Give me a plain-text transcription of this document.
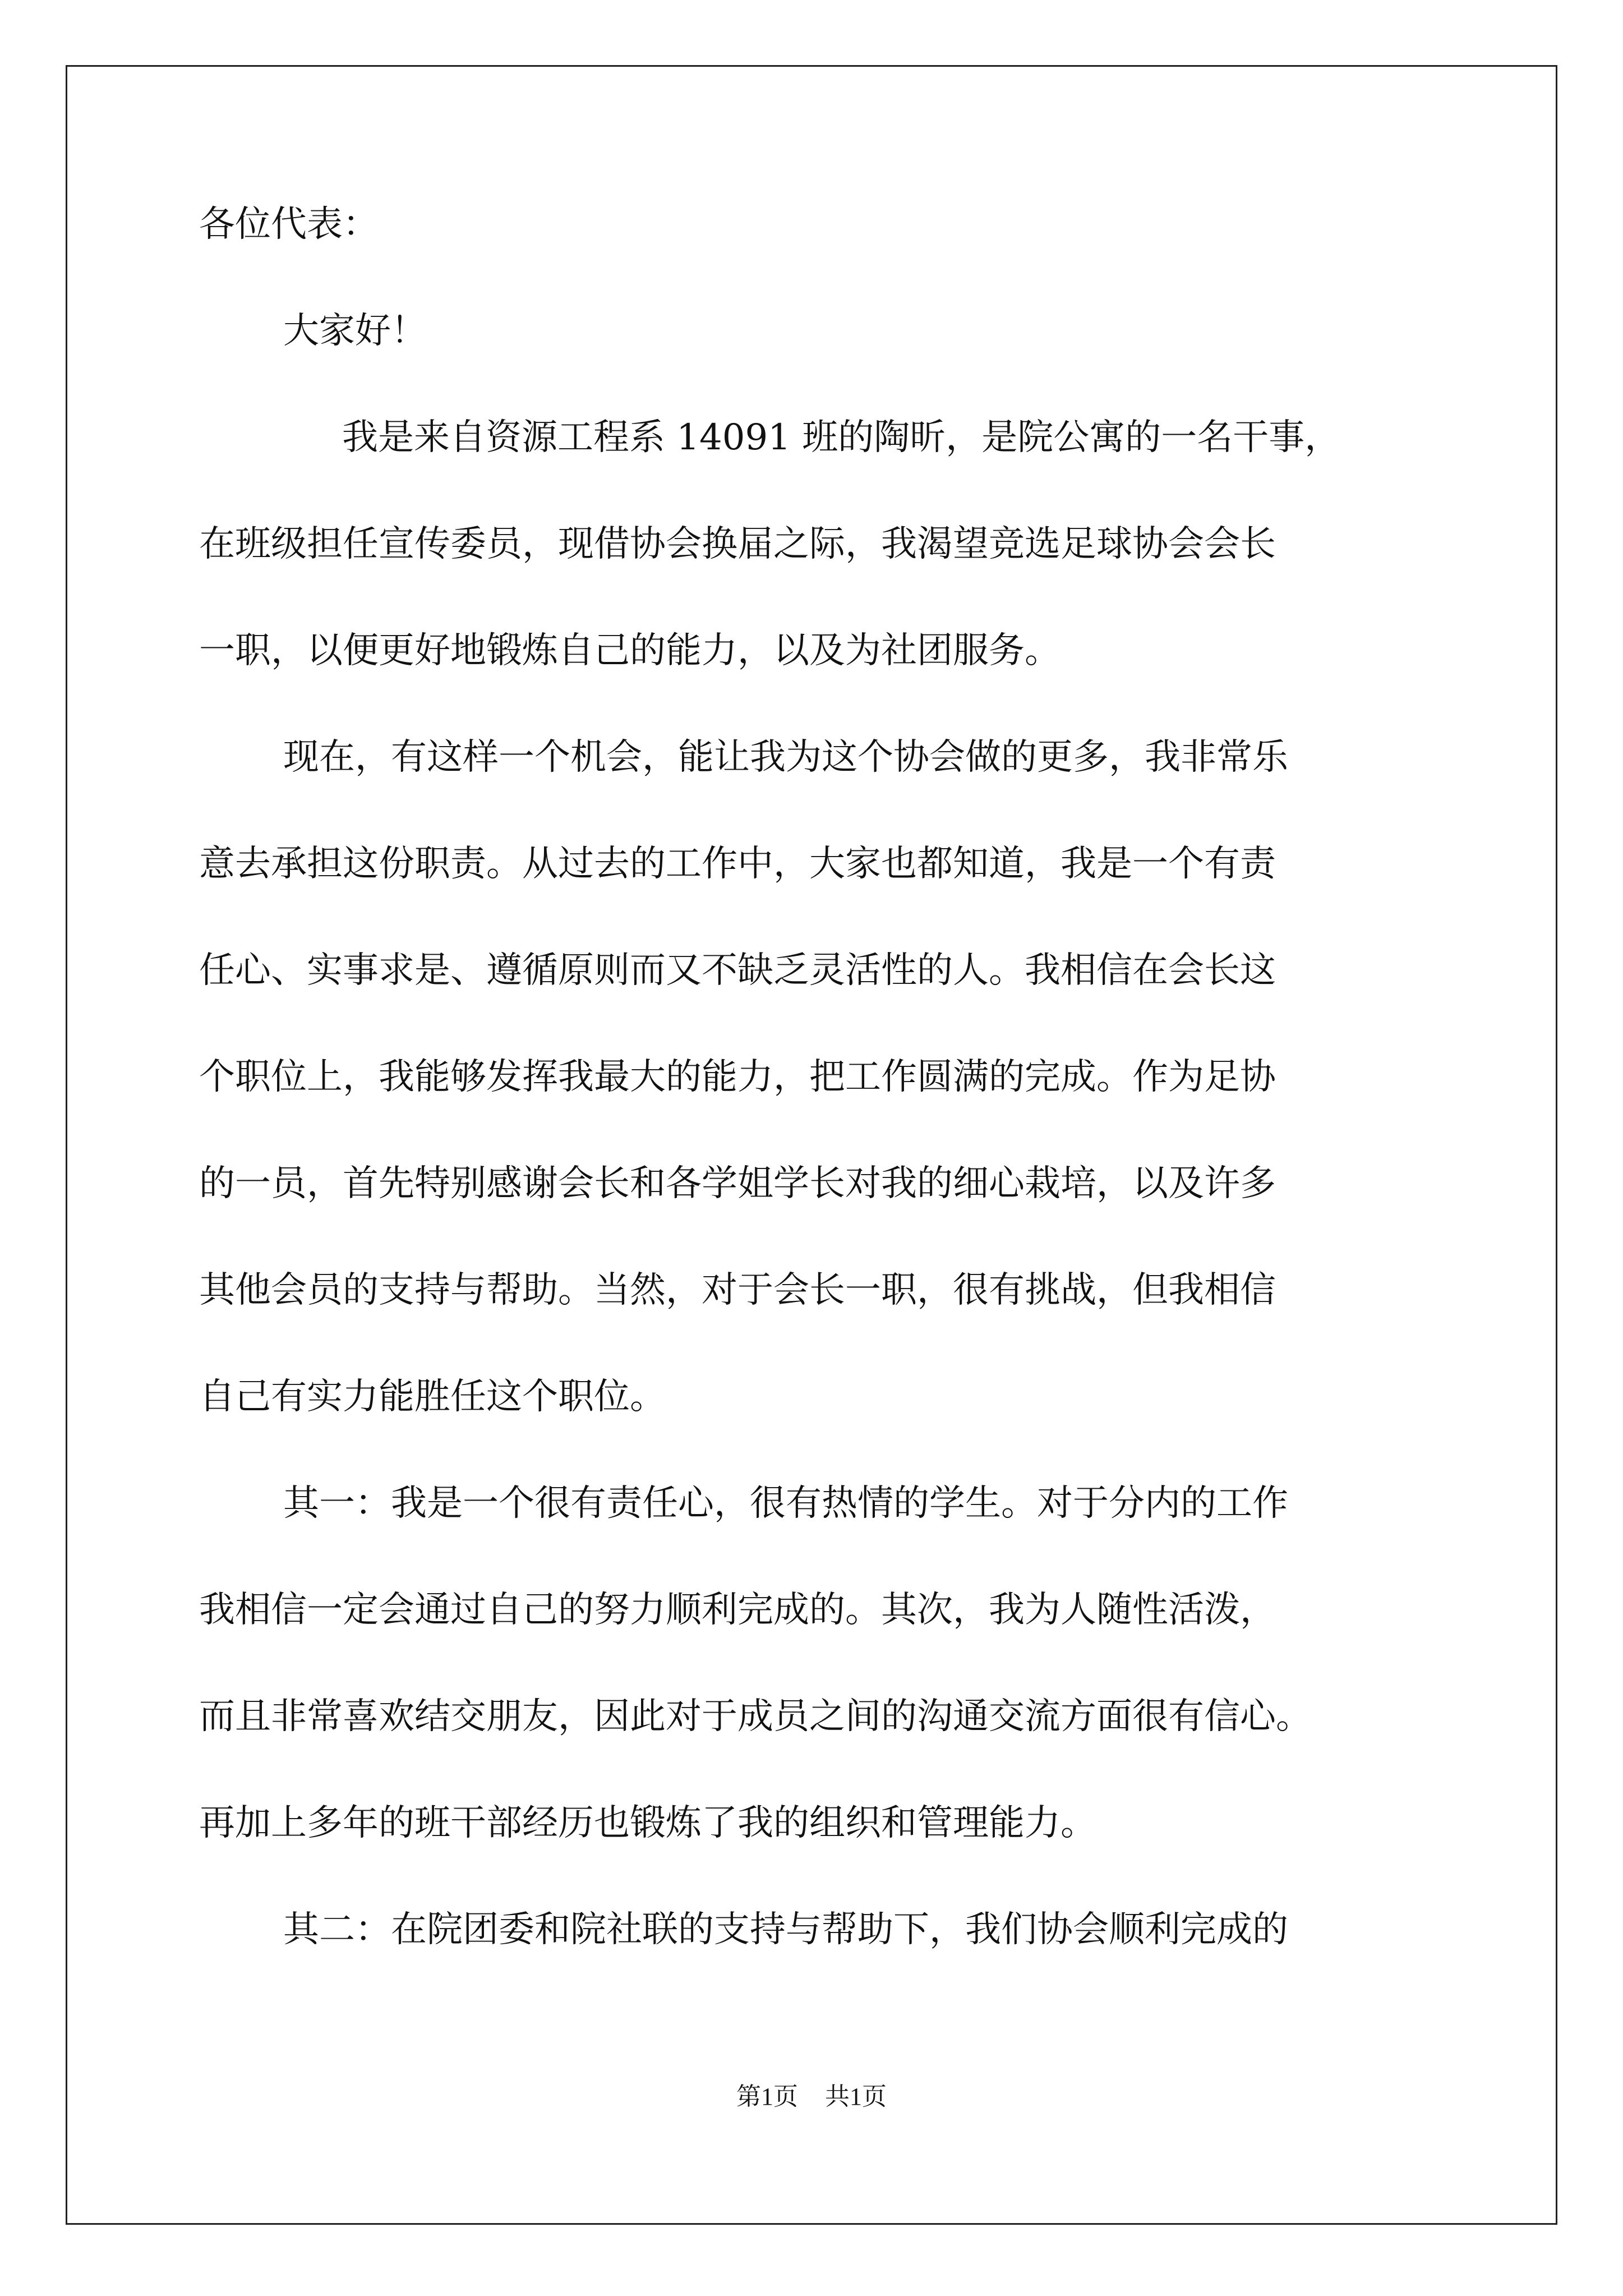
各位代表：
大家好！
我是来自资源工程系 14091 班的陶昕，是院公寓的一名干事，
在班级担任宣传委员，现借协会换届之际，我渴望竞选足球协会会长
一职，以便更好地锻炼自己的能力，以及为社团服务。
现在，有这样一个机会，能让我为这个协会做的更多，我非常乐
意去承担这份职责。从过去的工作中，大家也都知道，我是一个有责
任心、实事求是、遵循原则而又不缺乏灵活性的人。我相信在会长这
个职位上，我能够发挥我最大的能力，把工作圆满的完成。作为足协
的一员，首先特别感谢会长和各学姐学长对我的细心栽培，以及许多
其他会员的支持与帮助。当然，对于会长一职，很有挑战，但我相信
自己有实力能胜任这个职位。
其一：我是一个很有责任心，很有热情的学生。对于分内的工作
我相信一定会通过自己的努力顺利完成的。其次，我为人随性活泼，
而且非常喜欢结交朋友，因此对于成员之间的沟通交流方面很有信心。
再加上多年的班干部经历也锻炼了我的组织和管理能力。
其二：在院团委和院社联的支持与帮助下，我们协会顺利完成的
第1页 共1页
